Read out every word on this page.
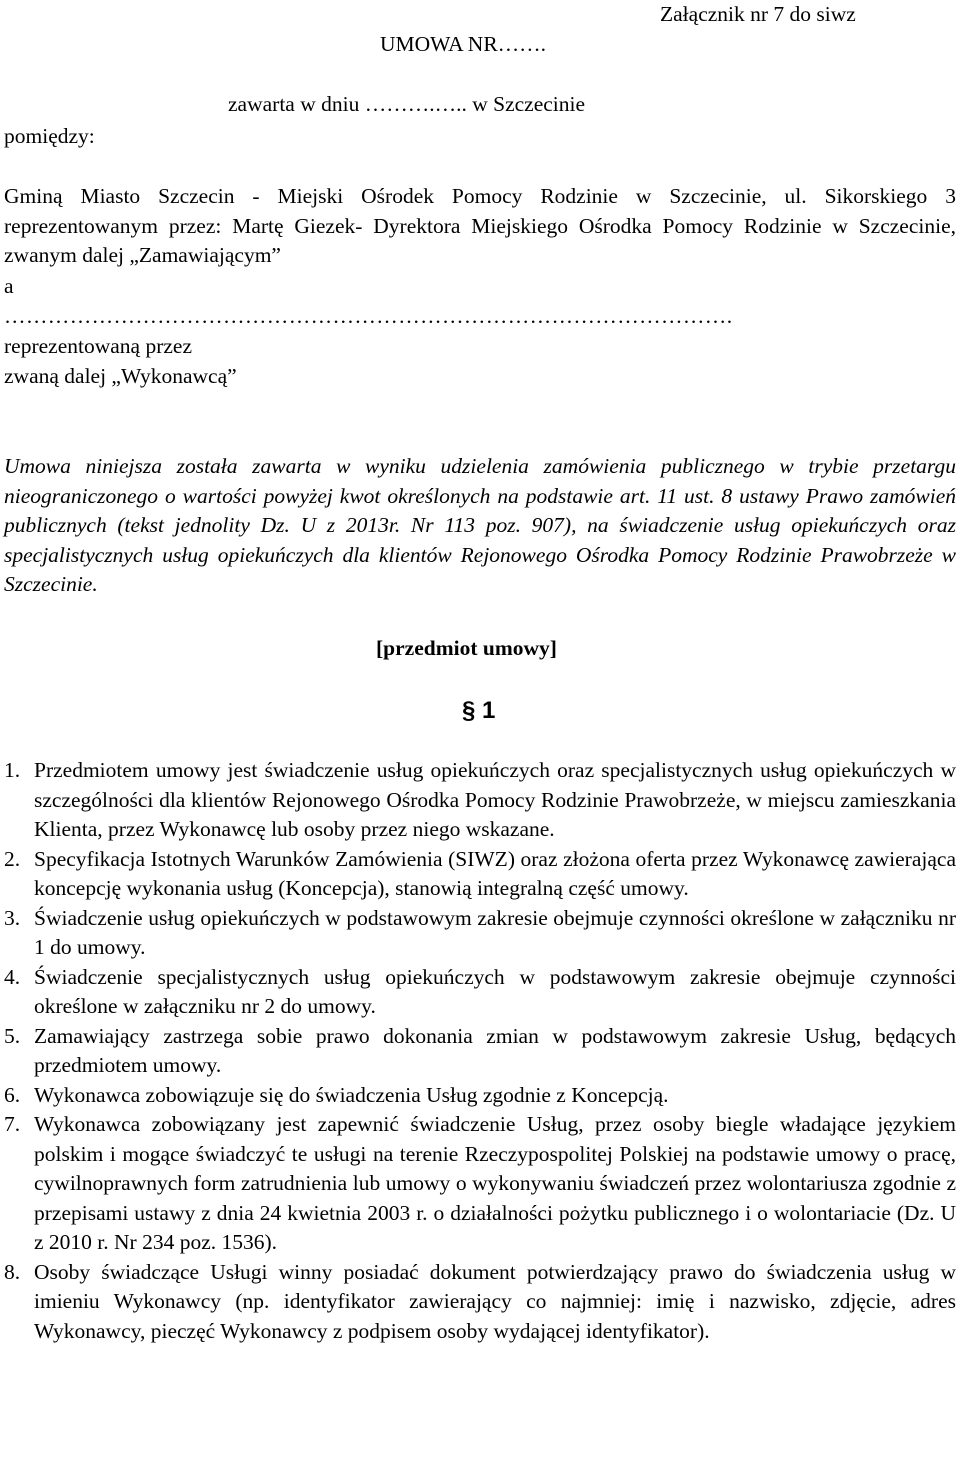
Załącznik nr 7 do siwz
UMOWA NR…….
zawarta w dniu ……….….. w Szczecinie
pomiędzy:
Gminą Miasto Szczecin - Miejski Ośrodek Pomocy Rodzinie w Szczecinie, ul. Sikorskiego 3 reprezentowanym przez: Martę Giezek- Dyrektora Miejskiego Ośrodka Pomocy Rodzinie w Szczecinie, zwanym dalej „Zamawiającym”
a
……………………………………………………………………………………….
reprezentowaną przez
zwaną dalej „Wykonawcą”
Umowa niniejsza została zawarta w wyniku udzielenia zamówienia publicznego w trybie przetargu nieograniczonego o wartości powyżej kwot określonych na podstawie art. 11 ust. 8 ustawy Prawo zamówień publicznych (tekst jednolity Dz. U z 2013r. Nr 113 poz. 907), na świadczenie usług opiekuńczych oraz specjalistycznych usług opiekuńczych dla klientów Rejonowego Ośrodka Pomocy Rodzinie Prawobrzeże w Szczecinie.
[przedmiot umowy]
§ 1
1. Przedmiotem umowy jest świadczenie usług opiekuńczych oraz specjalistycznych usług opiekuńczych w szczególności dla klientów Rejonowego Ośrodka Pomocy Rodzinie Prawobrzeże, w miejscu zamieszkania Klienta, przez Wykonawcę lub osoby przez niego wskazane.
2. Specyfikacja Istotnych Warunków Zamówienia (SIWZ) oraz złożona oferta przez Wykonawcę zawierająca koncepcję wykonania usług (Koncepcja), stanowią integralną część umowy.
3. Świadczenie usług opiekuńczych w podstawowym zakresie obejmuje czynności określone w załączniku nr 1 do umowy.
4. Świadczenie specjalistycznych usług opiekuńczych w podstawowym zakresie obejmuje czynności określone w załączniku nr 2 do umowy.
5. Zamawiający zastrzega sobie prawo dokonania zmian w podstawowym zakresie Usług, będących przedmiotem umowy.
6. Wykonawca zobowiązuje się do świadczenia Usług zgodnie z Koncepcją.
7. Wykonawca zobowiązany jest zapewnić świadczenie Usług, przez osoby biegle władające językiem polskim i mogące świadczyć te usługi na terenie Rzeczypospolitej Polskiej na podstawie umowy o pracę, cywilnoprawnych form zatrudnienia lub umowy o wykonywaniu świadczeń przez wolontariusza zgodnie z przepisami ustawy z dnia 24 kwietnia 2003 r. o działalności pożytku publicznego i o wolontariacie (Dz. U z 2010 r. Nr 234 poz. 1536).
8. Osoby świadczące Usługi winny posiadać dokument potwierdzający prawo do świadczenia usług w imieniu Wykonawcy (np. identyfikator zawierający co najmniej: imię i nazwisko, zdjęcie, adres Wykonawcy, pieczęć Wykonawcy z podpisem osoby wydającej identyfikator).
